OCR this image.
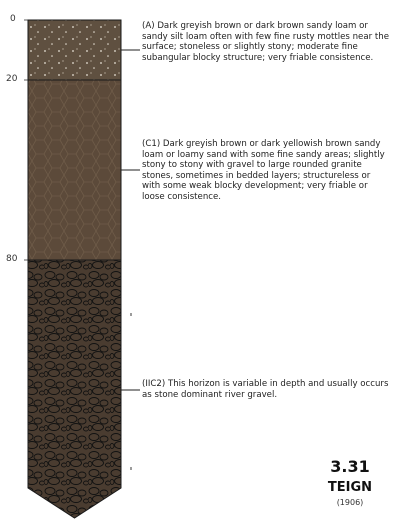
0
20
80
(A) Dark greyish brown or dark brown sandy loam or sandy silt loam often with few fine rusty mottles near the surface; stoneless or slightly stony; moderate fine subangular blocky structure; very friable consistence.
(C1) Dark greyish brown or dark yellowish brown sandy loam or loamy sand with some fine sandy areas; slightly stony to stony with gravel to large rounded granite stones, sometimes in bedded layers; structureless or with some weak blocky development; very friable or loose consistence.
(IIC2) This horizon is variable in depth and usually occurs as stone dominant river gravel.
3.31
TEIGN
(1906)
